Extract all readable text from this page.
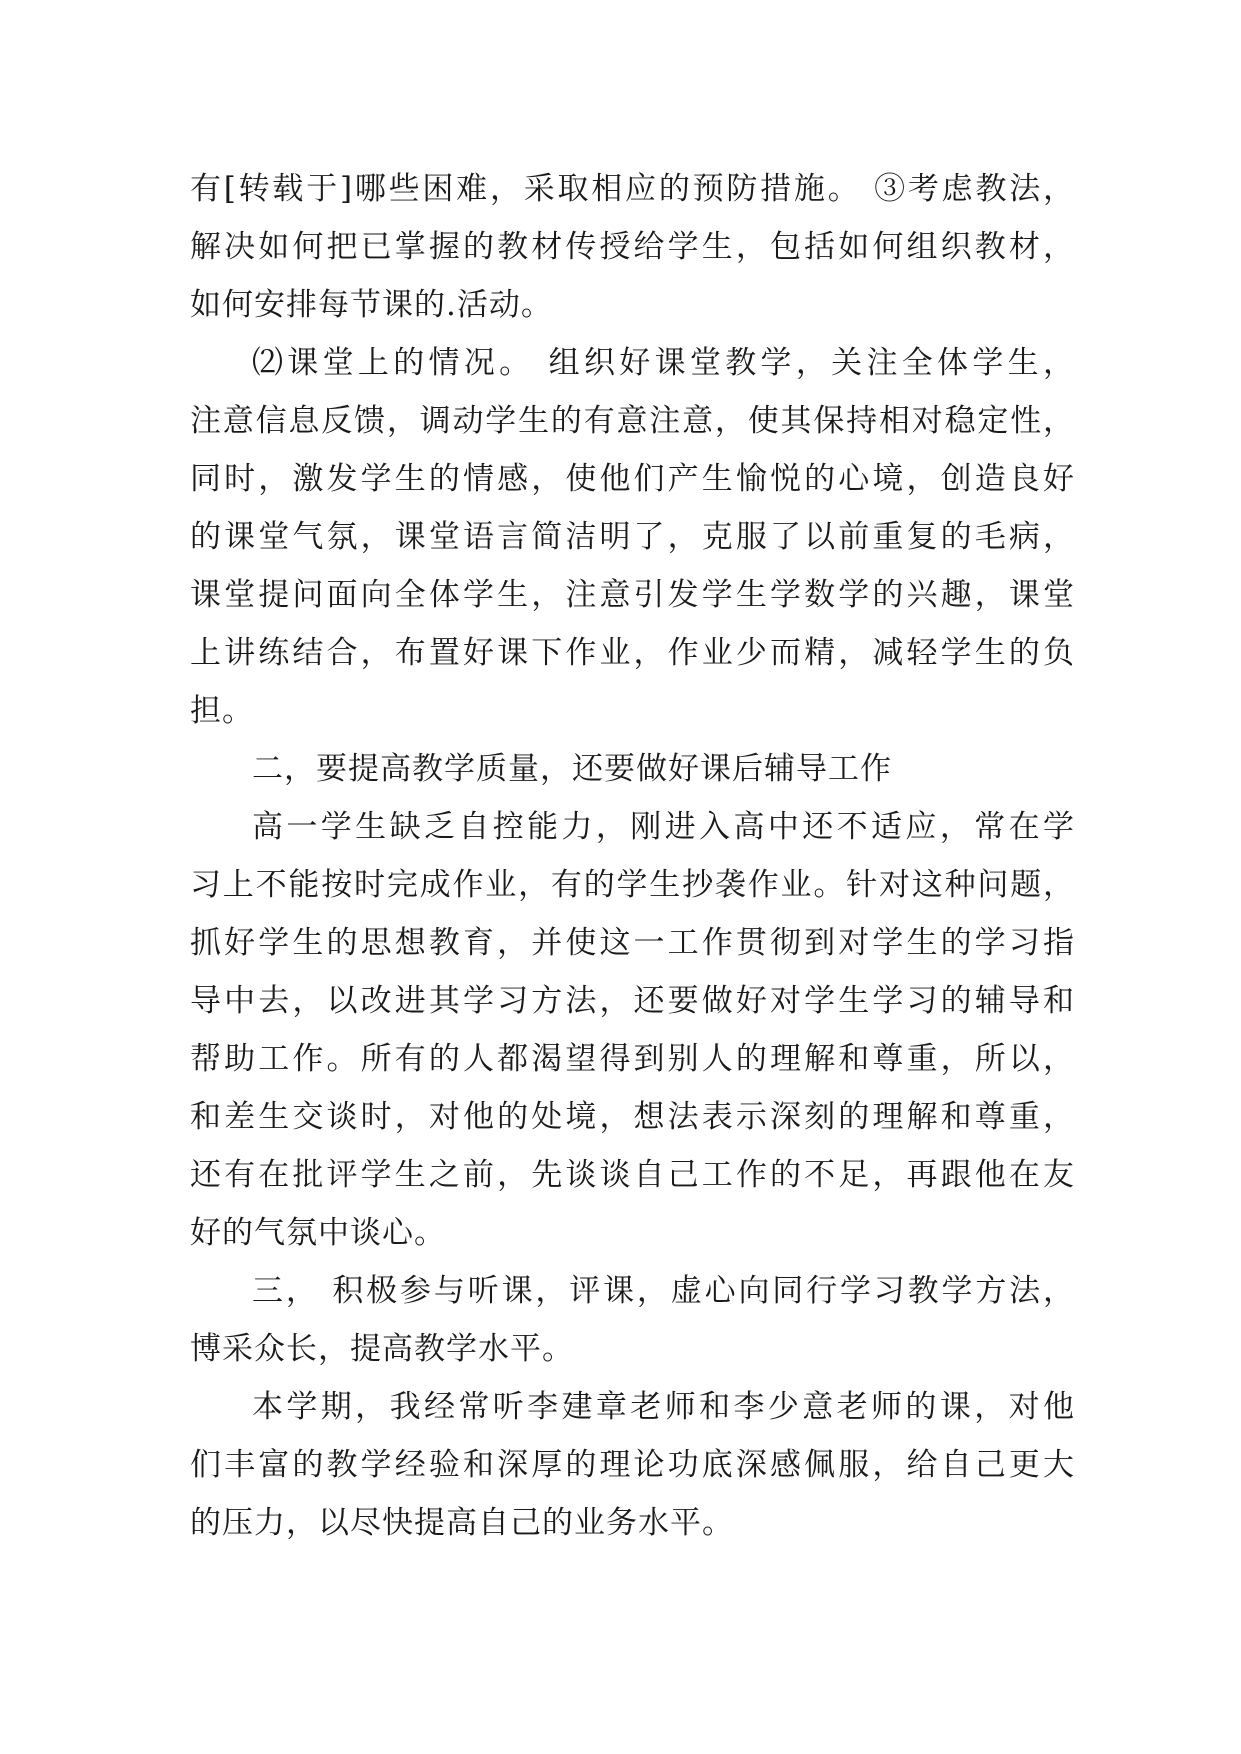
有[转载于]哪些困难，采取相应的预防措施。 ③考虑教法，
解决如何把已掌握的教材传授给学生，包括如何组织教材，
如何安排每节课的.活动。
⑵课堂上的情况。 组织好课堂教学，关注全体学生，
注意信息反馈，调动学生的有意注意，使其保持相对稳定性，
同时，激发学生的情感，使他们产生愉悦的心境，创造良好
的课堂气氛，课堂语言简洁明了，克服了以前重复的毛病，
课堂提问面向全体学生，注意引发学生学数学的兴趣，课堂
上讲练结合，布置好课下作业，作业少而精，减轻学生的负
担。
二，要提高教学质量，还要做好课后辅导工作
高一学生缺乏自控能力，刚进入高中还不适应，常在学
习上不能按时完成作业，有的学生抄袭作业。针对这种问题，
抓好学生的思想教育，并使这一工作贯彻到对学生的学习指
导中去，以改进其学习方法，还要做好对学生学习的辅导和
帮助工作。所有的人都渴望得到别人的理解和尊重，所以，
和差生交谈时，对他的处境，想法表示深刻的理解和尊重，
还有在批评学生之前，先谈谈自己工作的不足，再跟他在友
好的气氛中谈心。
三， 积极参与听课，评课，虚心向同行学习教学方法，
博采众长，提高教学水平。
本学期，我经常听李建章老师和李少意老师的课，对他
们丰富的教学经验和深厚的理论功底深感佩服，给自己更大
的压力，以尽快提高自己的业务水平。
